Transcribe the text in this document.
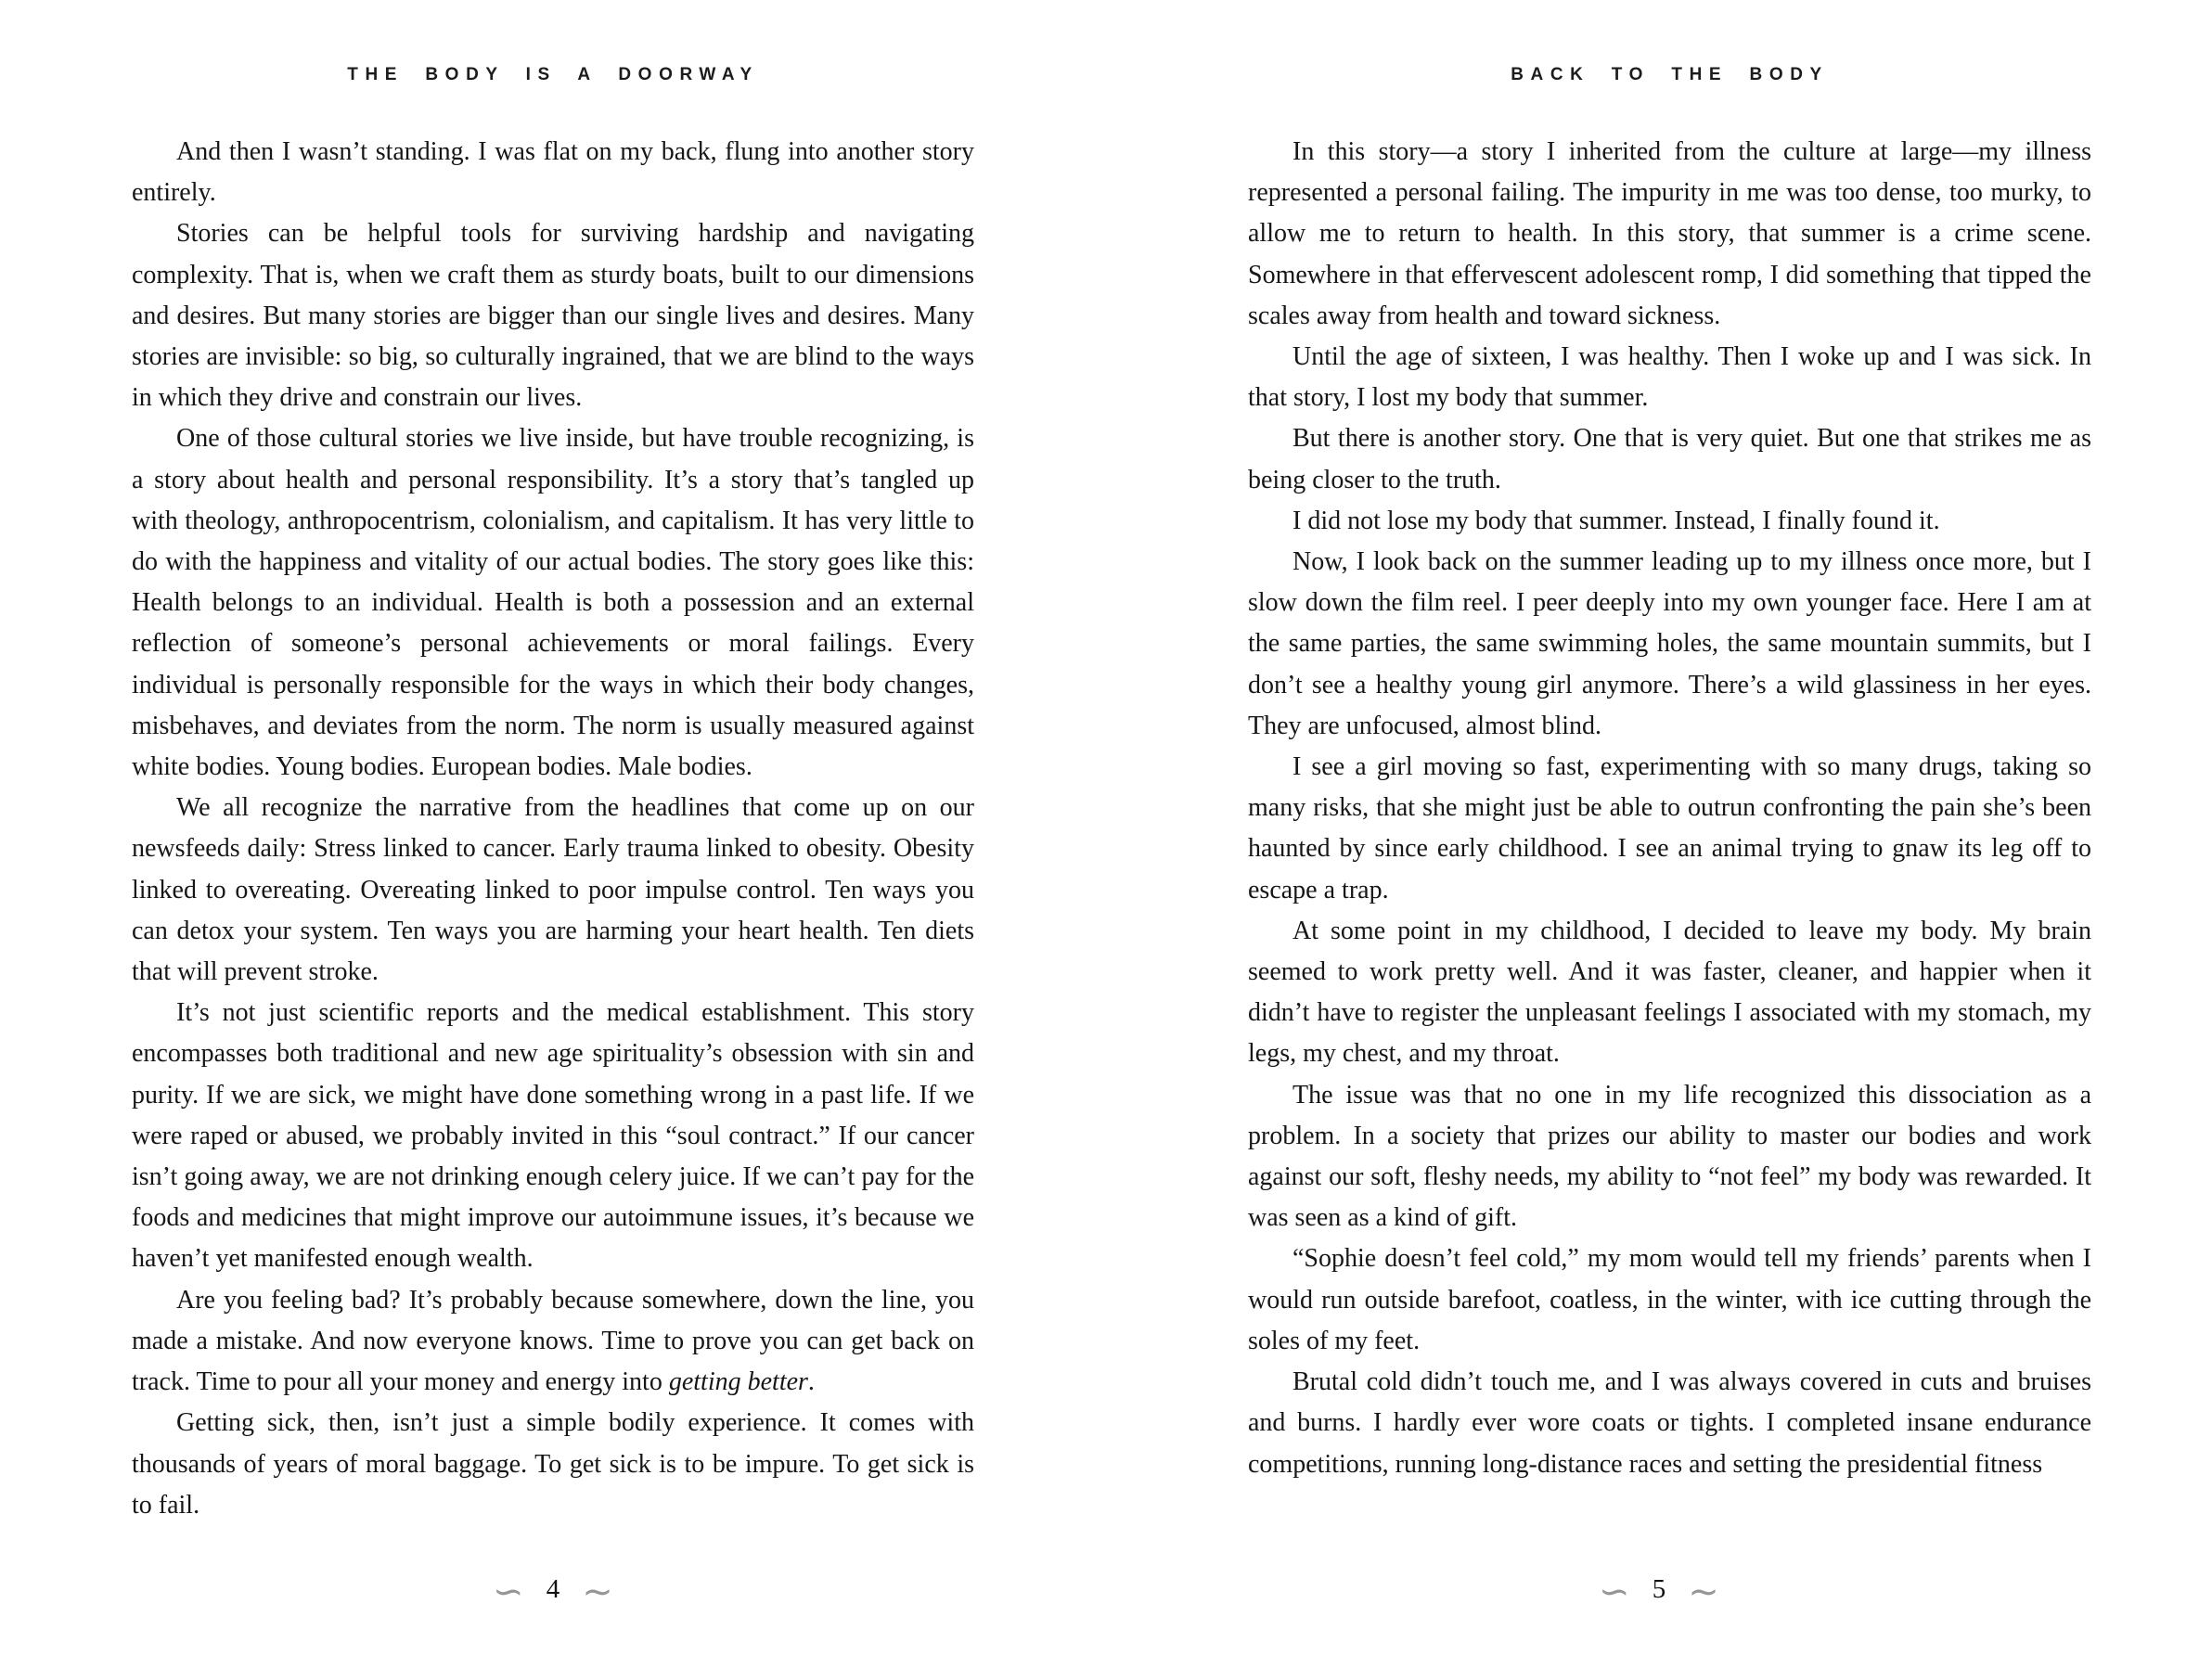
THE BODY IS A DOORWAY

And then I wasn’t standing. I was flat on my back, flung into another story entirely.

Stories can be helpful tools for surviving hardship and navigating complexity. That is, when we craft them as sturdy boats, built to our dimensions and desires. But many stories are bigger than our single lives and desires. Many stories are invisible: so big, so culturally ingrained, that we are blind to the ways in which they drive and constrain our lives.

One of those cultural stories we live inside, but have trouble recognizing, is a story about health and personal responsibility. It’s a story that’s tangled up with theology, anthropocentrism, colonialism, and capitalism. It has very little to do with the happiness and vitality of our actual bodies. The story goes like this: Health belongs to an individual. Health is both a possession and an external reflection of someone’s personal achievements or moral failings. Every individual is personally responsible for the ways in which their body changes, misbehaves, and deviates from the norm. The norm is usually measured against white bodies. Young bodies. European bodies. Male bodies.

We all recognize the narrative from the headlines that come up on our newsfeeds daily: Stress linked to cancer. Early trauma linked to obesity. Obesity linked to overeating. Overeating linked to poor impulse control. Ten ways you can detox your system. Ten ways you are harming your heart health. Ten diets that will prevent stroke.

It’s not just scientific reports and the medical establishment. This story encompasses both traditional and new age spirituality’s obsession with sin and purity. If we are sick, we might have done something wrong in a past life. If we were raped or abused, we probably invited in this “soul contract.” If our cancer isn’t going away, we are not drinking enough celery juice. If we can’t pay for the foods and medicines that might improve our autoimmune issues, it’s because we haven’t yet manifested enough wealth.

Are you feeling bad? It’s probably because somewhere, down the line, you made a mistake. And now everyone knows. Time to prove you can get back on track. Time to pour all your money and energy into getting better.

Getting sick, then, isn’t just a simple bodily experience. It comes with thousands of years of moral baggage. To get sick is to be impure. To get sick is to fail.

∼ 4 ∼
BACK TO THE BODY

In this story—a story I inherited from the culture at large—my illness represented a personal failing. The impurity in me was too dense, too murky, to allow me to return to health. In this story, that summer is a crime scene. Somewhere in that effervescent adolescent romp, I did something that tipped the scales away from health and toward sickness.

Until the age of sixteen, I was healthy. Then I woke up and I was sick. In that story, I lost my body that summer.

But there is another story. One that is very quiet. But one that strikes me as being closer to the truth.

I did not lose my body that summer. Instead, I finally found it.

Now, I look back on the summer leading up to my illness once more, but I slow down the film reel. I peer deeply into my own younger face. Here I am at the same parties, the same swimming holes, the same mountain summits, but I don’t see a healthy young girl anymore. There’s a wild glassiness in her eyes. They are unfocused, almost blind.

I see a girl moving so fast, experimenting with so many drugs, taking so many risks, that she might just be able to outrun confronting the pain she’s been haunted by since early childhood. I see an animal trying to gnaw its leg off to escape a trap.

At some point in my childhood, I decided to leave my body. My brain seemed to work pretty well. And it was faster, cleaner, and happier when it didn’t have to register the unpleasant feelings I associated with my stomach, my legs, my chest, and my throat.

The issue was that no one in my life recognized this dissociation as a problem. In a society that prizes our ability to master our bodies and work against our soft, fleshy needs, my ability to “not feel” my body was rewarded. It was seen as a kind of gift.

“Sophie doesn’t feel cold,” my mom would tell my friends’ parents when I would run outside barefoot, coatless, in the winter, with ice cutting through the soles of my feet.

Brutal cold didn’t touch me, and I was always covered in cuts and bruises and burns. I hardly ever wore coats or tights. I completed insane endurance competitions, running long-distance races and setting the presidential fitness

∼ 5 ∼
